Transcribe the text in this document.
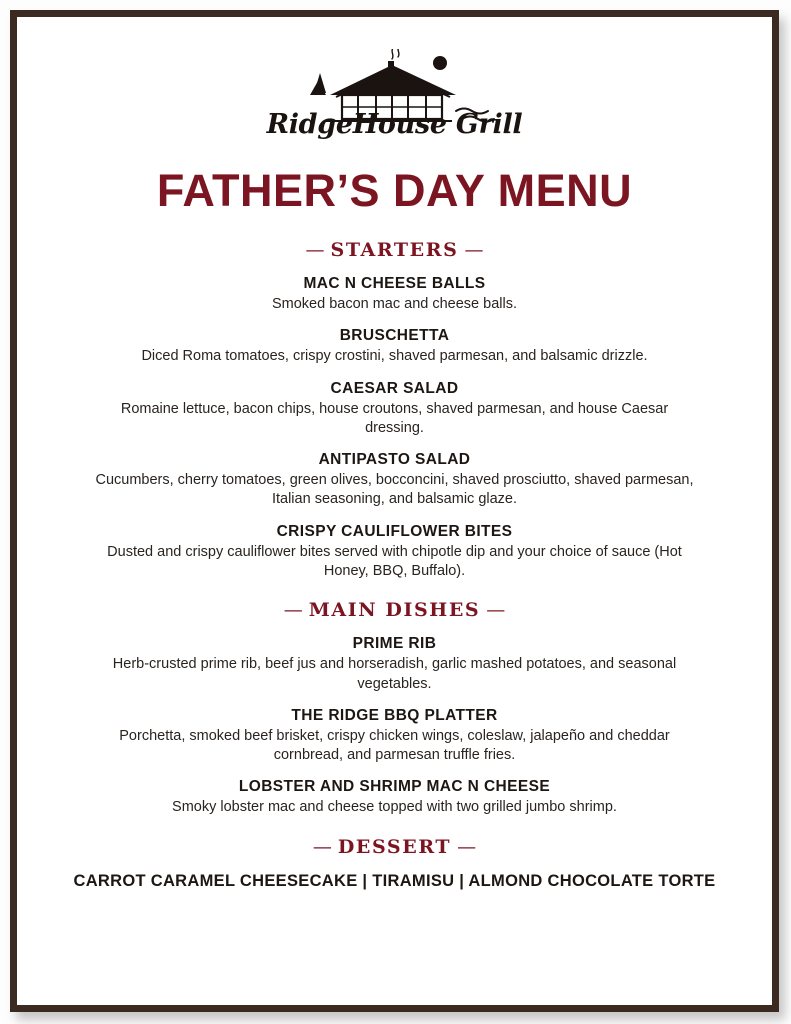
RidgeHouse Grill
FATHER’S DAY MENU
— STARTERS —
MAC N CHEESE BALLS
Smoked bacon mac and cheese balls.
BRUSCHETTA
Diced Roma tomatoes, crispy crostini, shaved parmesan, and balsamic drizzle.
CAESAR SALAD
Romaine lettuce, bacon chips, house croutons, shaved parmesan, and house Caesar dressing.
ANTIPASTO SALAD
Cucumbers, cherry tomatoes, green olives, bocconcini, shaved prosciutto, shaved parmesan, Italian seasoning, and balsamic glaze.
CRISPY CAULIFLOWER BITES
Dusted and crispy cauliflower bites served with chipotle dip and your choice of sauce (Hot Honey, BBQ, Buffalo).
— MAIN DISHES —
PRIME RIB
Herb-crusted prime rib, beef jus and horseradish, garlic mashed potatoes, and seasonal vegetables.
THE RIDGE BBQ PLATTER
Porchetta, smoked beef brisket, crispy chicken wings, coleslaw, jalapeño and cheddar cornbread, and parmesan truffle fries.
LOBSTER AND SHRIMP MAC N CHEESE
Smoky lobster mac and cheese topped with two grilled jumbo shrimp.
— DESSERT —
CARROT CARAMEL CHEESECAKE | TIRAMISU | ALMOND CHOCOLATE TORTE
